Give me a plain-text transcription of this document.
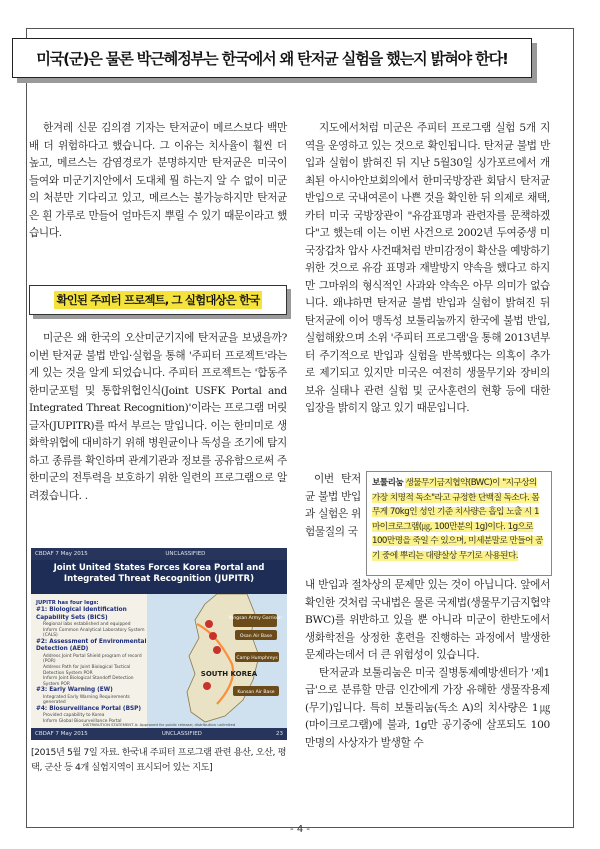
미국(군)은 물론 박근혜정부는 한국에서 왜 탄저균 실험을 했는지 밝혀야 한다!

한겨레 신문 김의겸 기자는 탄저균이 메르스보다 백만배 더 위험하다고 했습니다. 그 이유는 치사율이 훨씬 더 높고, 메르스는 감염경로가 분명하지만 탄저균은 미국이 들여와 미군기지안에서 도대체 뭘 하는지 알 수 없이 미군의 처분만 기다리고 있고, 메르스는 불가능하지만 탄저균은 흰 가루로 만들어 얼마든지 뿌릴 수 있기 때문이라고 했습니다.

확인된 주피터 프로젝트, 그 실험대상은 한국

미군은 왜 한국의 오산미군기지에 탄저균을 보냈을까? 이번 탄저균 불법 반입·실험을 통해 '주피터 프로젝트'라는게 있는 것을 알게 되었습니다. 주피터 프로젝트는 '합동주한미군포털 및 통합위협인식(Joint USFK Portal and Integrated Threat Recognition)'이라는 프로그램 머릿글자(JUPITR)를 따서 부르는 말입니다. 이는 한미미로 생화학위협에 대비하기 위해 병원균이나 독성을 조기에 탐지하고 종류를 확인하며 관계기관과 정보를 공유함으로써 주한미군의 전투력을 보호하기 위한 일련의 프로그램으로 알려졌습니다. .

CBDAF 7 May 2015	UNCLASSIFIED
Joint United States Forces Korea Portal and Integrated Threat Recognition (JUPITR)
JUPITR has four legs:
#1: Biological Identification Capability Sets (BICS)
Regional labs established and equipped
Inform Common Analytical Laboratory System (CALS)
#2: Assessment of Environmental Detection (AED)
Address Joint Portal Shield program of record (POR)
Address Path for Joint Biological Tactical Detection System POR
Inform Joint Biological Standoff Detection System POR
#3: Early Warning (EW)
Integrated Early Warning Requirements generated
#4: Biosurveillance Portal (BSP)
Provided capability to Korea
Inform Global Biosurveillance Portal
Yongsan Army Garrison
Osan Air Base
SOUTH KOREA
Camp Humphreys
Kunsan Air Base
CBDAF 7 May 2015	UNCLASSIFIED	23
DISTRIBUTION STATEMENT A: Approved for public release; distribution unlimited
[2015년 5월 7일 자료. 한국내 주피터 프로그램 관련 용산, 오산, 평택, 군산 등 4개 실험지역이 표시되어 있는 지도]

지도에서처럼 미군은 주피터 프로그램 실험 5개 지역을 운영하고 있는 것으로 확인됩니다. 탄저균 불법 반입과 실험이 밝혀진 뒤 지난 5월30일 싱가포르에서 개최된 아시아안보회의에서 한미국방장관 회담시 탄저균 반입으로 국내여론이 나쁜 것을 확인한 뒤 의제로 채택, 카터 미국 국방장관이 "유감표명과 관련자를 문책하겠다"고 했는데 이는 이번 사건으로 2002년 두여중생 미국장갑차 압사 사건때처럼 반미감정이 확산을 예방하기 위한 것으로 유감 표명과 재발방지 약속을 했다고 하지만 그마위의 형식적인 사과와 약속은 아무 의미가 없습니다. 왜냐하면 탄저균 불법 반입과 실험이 밝혀진 뒤 탄저균에 이어 맹독성 보툴리눔까지 한국에 불법 반입, 실험해왔으며 소위 '주피터 프로그램'을 통해 2013년부터 주기적으로 반입과 실험을 반복했다는 의혹이 추가로 제기되고 있지만 미국은 여전히 생물무기와 장비의 보유 실태나 관련 실험 및 군사훈련의 현황 등에 대한 입장을 밝히지 않고 있기 때문입니다.

이번 탄저균 불법 반입과 실험은 위험물질의 국

보툴리눔 생물무기금지협약(BWC)이 "지구상의 가장 치명적 독소"라고 규정한 단백질 독소다. 몸무게 70kg인 성인 기준 치사량은 흡입 노출 시 1마이크로그램(㎍, 100만분의 1g)이다. 1g으로 100만명을 죽일 수 있으며, 미세분말로 만들어 공기 중에 뿌리는 대량살상 무기로 사용된다.

내 반입과 절차상의 문제만 있는 것이 아닙니다. 앞에서 확인한 것처럼 국내법은 물론 국제법(생물무기금지협약 BWC)를 위반하고 있을 뿐 아니라 미군이 한반도에서 생화학전을 상정한 훈련을 진행하는 과정에서 발생한 문제라는데서 더 큰 위험성이 있습니다.

탄저균과 보툴리눔은 미국 질병통제예방센터가 '제1급'으로 분류할 만큼 인간에게 가장 유해한 생물작용제(무기)입니다. 특히 보툴리눔(독소 A)의 치사량은 1㎍(마이크로그램)에 불과, 1g만 공기중에 살포되도 100만명의 사상자가 발생할 수

- 4 -
